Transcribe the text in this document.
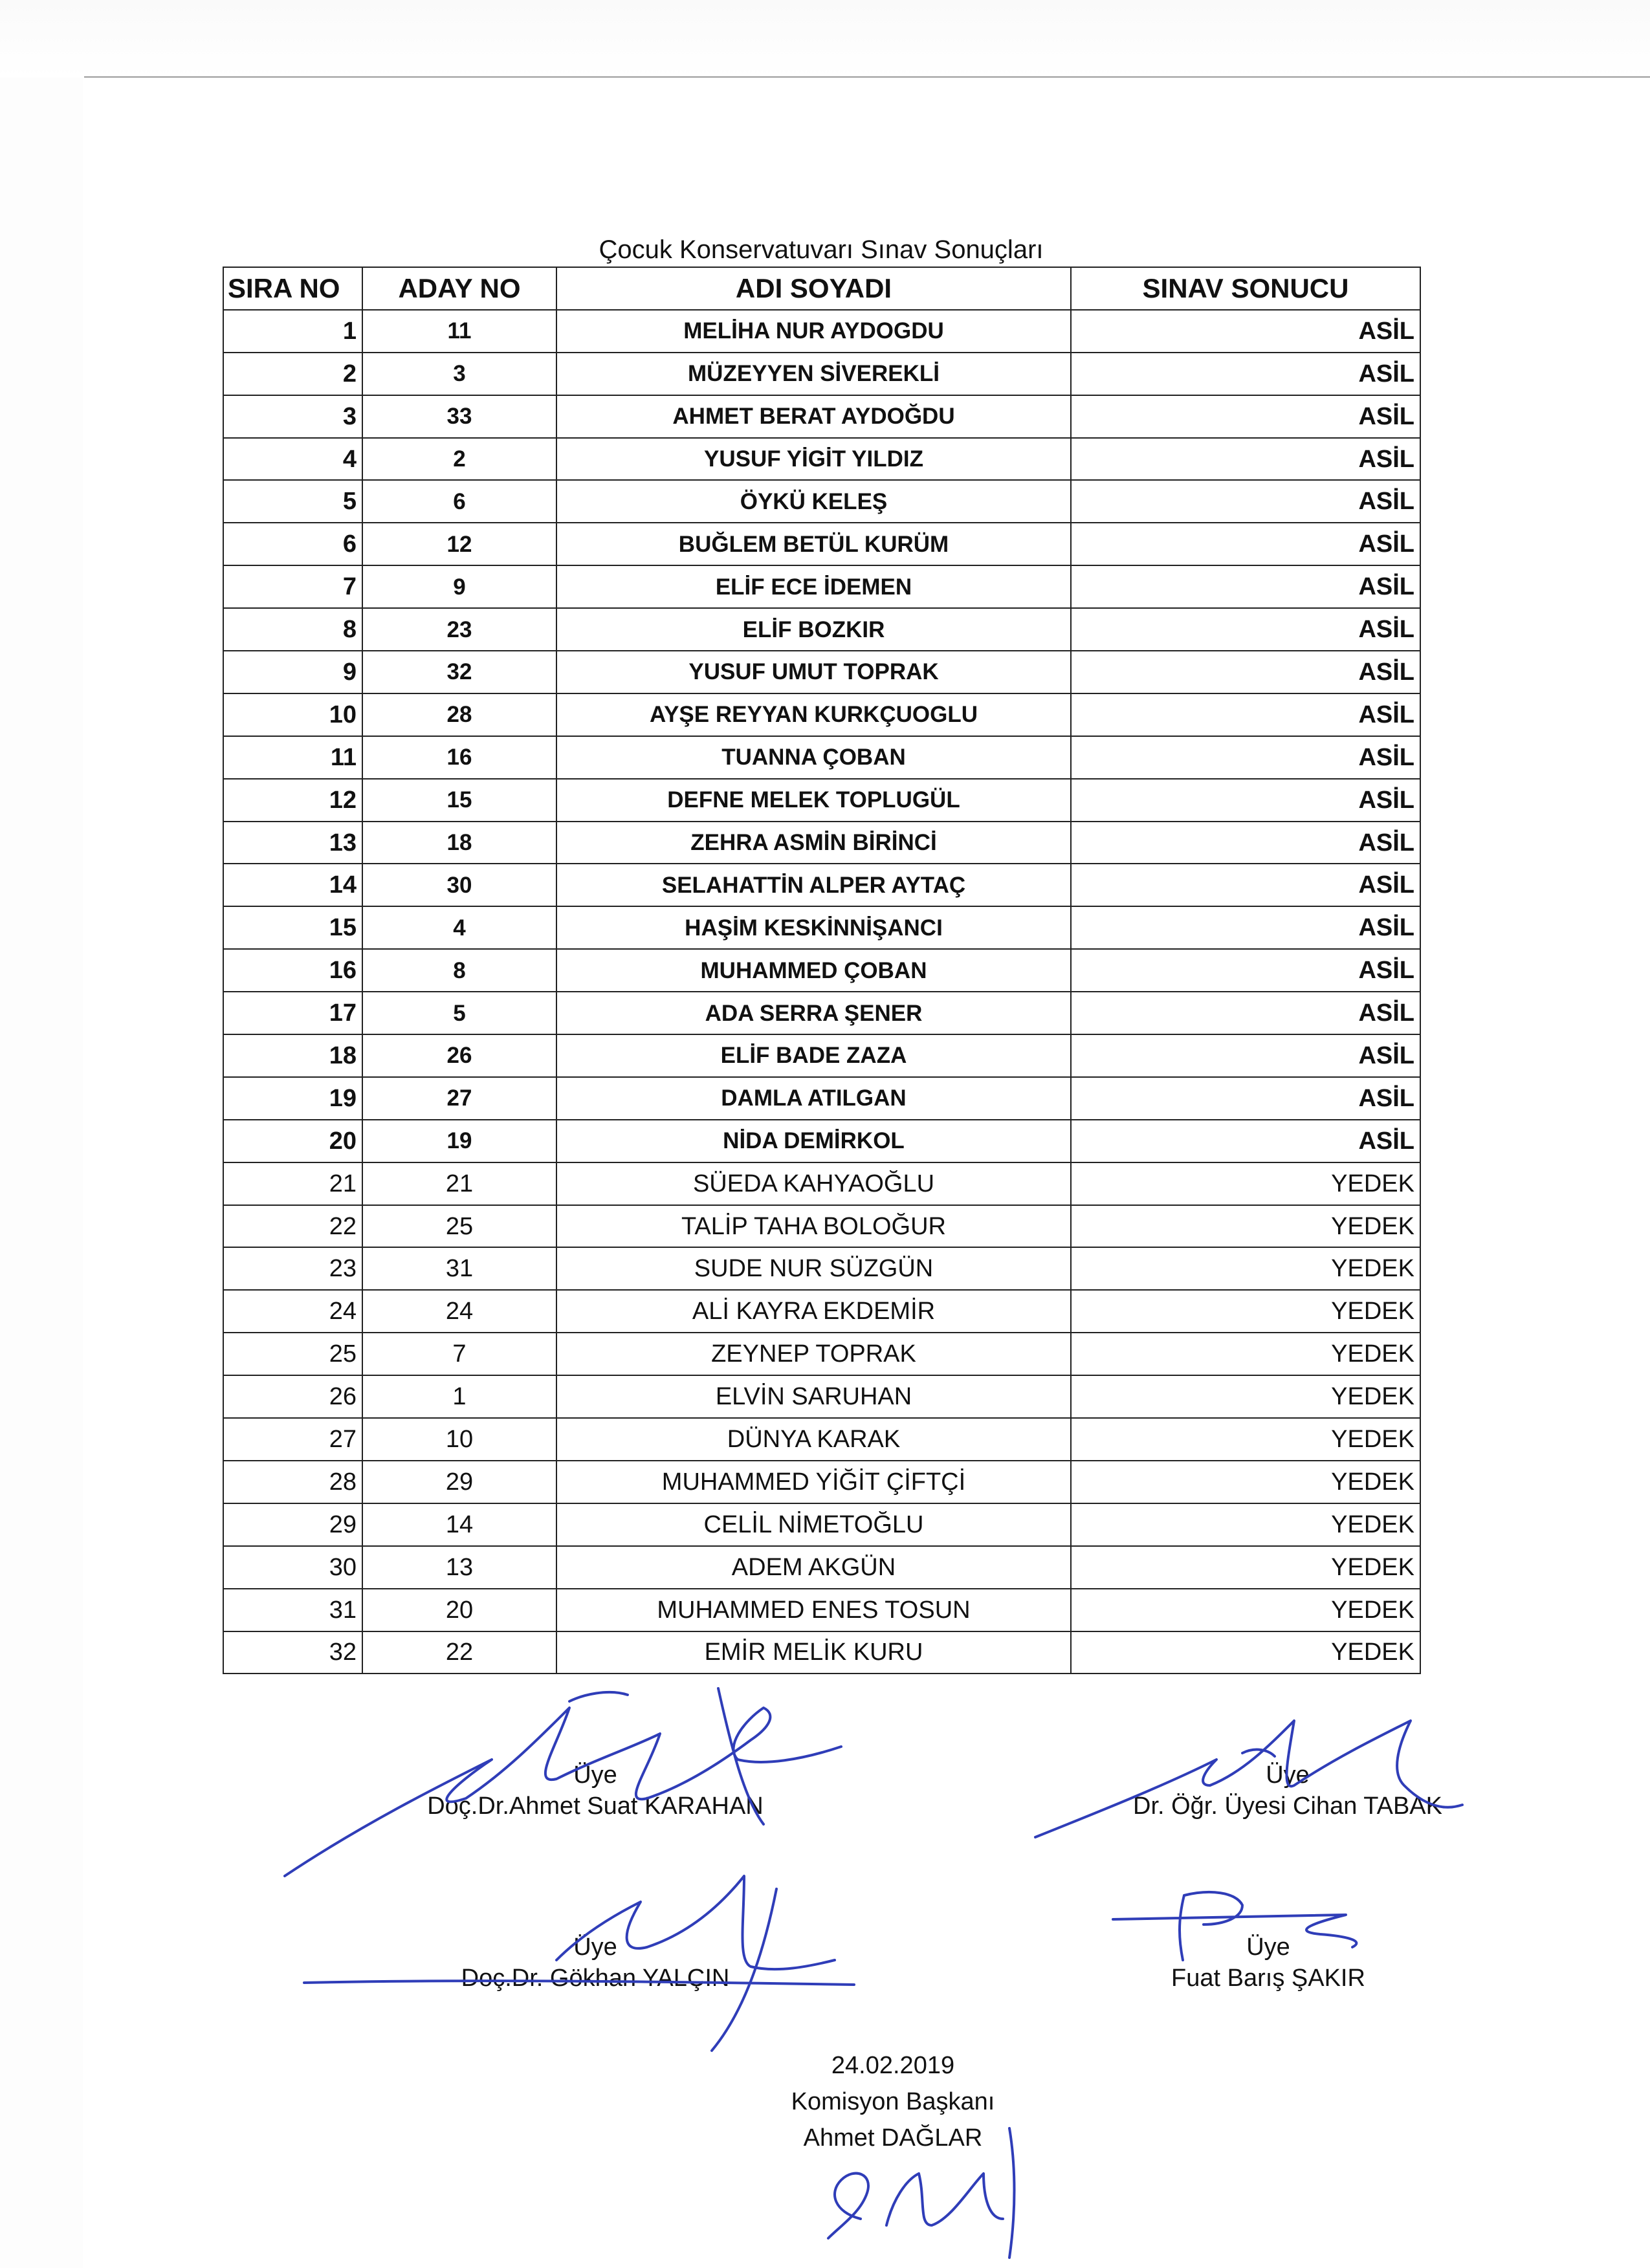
Çocuk Konservatuvarı Sınav Sonuçları
SIRA NO	ADAY NO	ADI SOYADI	SINAV SONUCU
1	11	MELİHA NUR AYDOGDU	ASİL
2	3	MÜZEYYEN SİVEREKLİ	ASİL
3	33	AHMET BERAT AYDOĞDU	ASİL
4	2	YUSUF YİGİT YILDIZ	ASİL
5	6	ÖYKÜ KELEŞ	ASİL
6	12	BUĞLEM BETÜL KURÜM	ASİL
7	9	ELİF ECE İDEMEN	ASİL
8	23	ELİF BOZKIR	ASİL
9	32	YUSUF UMUT TOPRAK	ASİL
10	28	AYŞE REYYAN KURKÇUOGLU	ASİL
11	16	TUANNA ÇOBAN	ASİL
12	15	DEFNE MELEK TOPLUGÜL	ASİL
13	18	ZEHRA ASMİN BİRİNCİ	ASİL
14	30	SELAHATTİN ALPER AYTAÇ	ASİL
15	4	HAŞİM KESKİNNİŞANCI	ASİL
16	8	MUHAMMED ÇOBAN	ASİL
17	5	ADA SERRA ŞENER	ASİL
18	26	ELİF BADE ZAZA	ASİL
19	27	DAMLA ATILGAN	ASİL
20	19	NİDA DEMİRKOL	ASİL
21	21	SÜEDA KAHYAOĞLU	YEDEK
22	25	TALİP TAHA BOLOĞUR	YEDEK
23	31	SUDE NUR SÜZGÜN	YEDEK
24	24	ALİ KAYRA EKDEMİR	YEDEK
25	7	ZEYNEP TOPRAK	YEDEK
26	1	ELVİN SARUHAN	YEDEK
27	10	DÜNYA KARAK	YEDEK
28	29	MUHAMMED YİĞİT ÇİFTÇİ	YEDEK
29	14	CELİL NİMETOĞLU	YEDEK
30	13	ADEM AKGÜN	YEDEK
31	20	MUHAMMED ENES TOSUN	YEDEK
32	22	EMİR MELİK KURU	YEDEK
Üye
Doç.Dr.Ahmet Suat KARAHAN
Üye
Dr. Öğr. Üyesi Cihan TABAK
Üye
Doç.Dr. Gökhan YALÇIN
Üye
Fuat Barış ŞAKIR
24.02.2019
Komisyon Başkanı
Ahmet DAĞLAR
